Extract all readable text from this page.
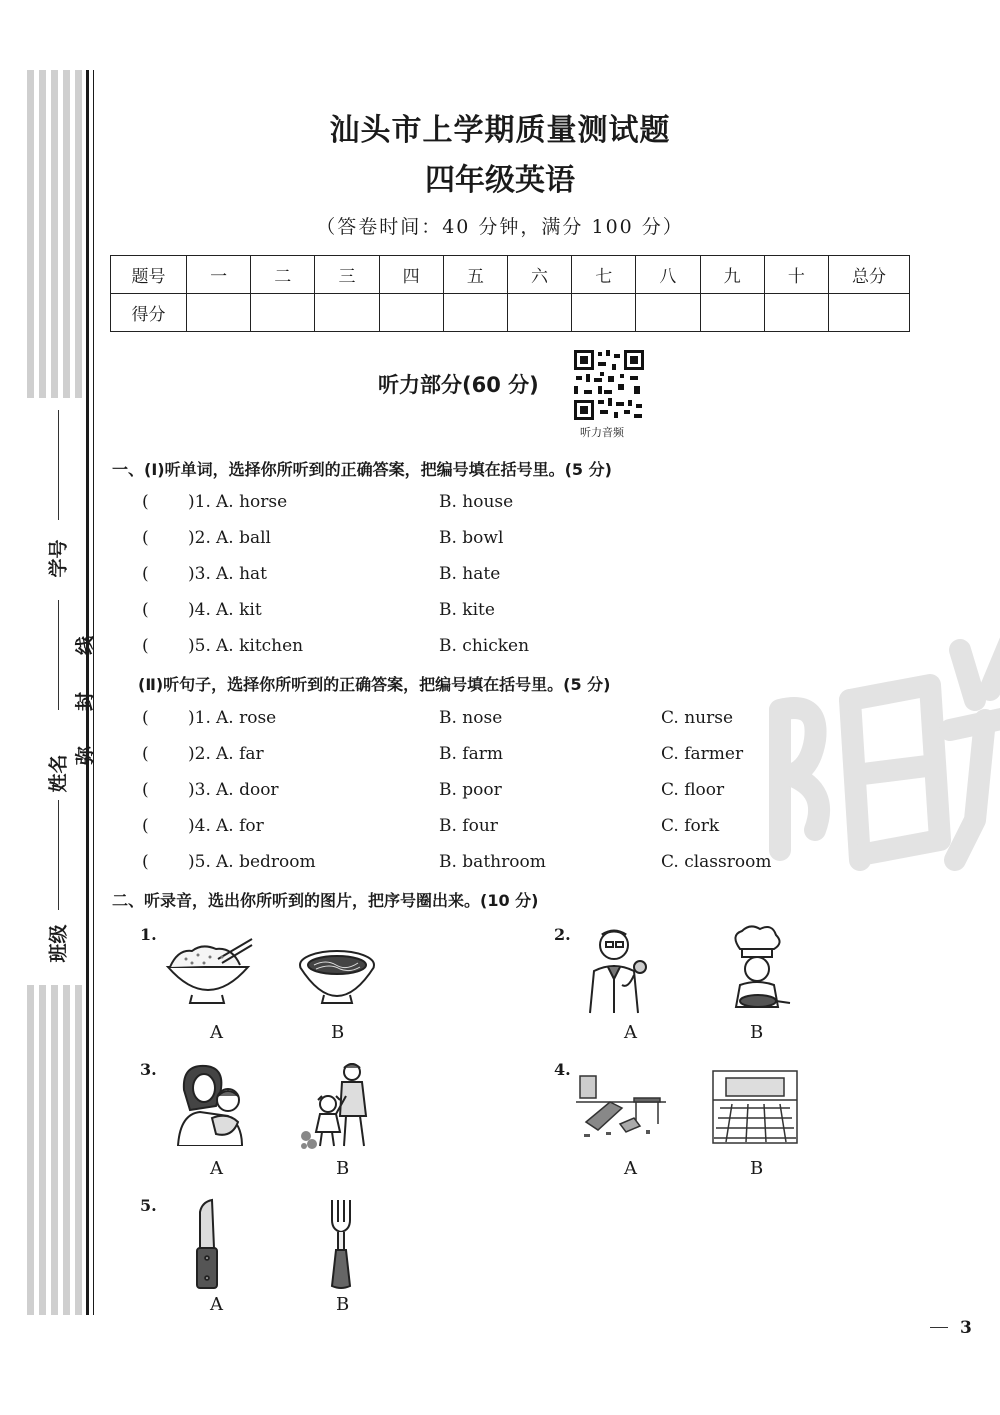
学号
姓名
班级
线
封
弥
汕头市上学期质量测试题
四年级英语
（答卷时间：40 分钟，满分 100 分）
题号	一	二	三	四	五	六	七	八	九	十	总分
得分											
听力部分(60 分)
听力音频
一、(Ⅰ)听单词，选择你所听到的正确答案，把编号填在括号里。(5 分)
( )1. A. horse	B. house
( )2. A. ball	B. bowl
( )3. A. hat	B. hate
( )4. A. kit	B. kite
( )5. A. kitchen	B. chicken
(Ⅱ)听句子，选择你所听到的正确答案，把编号填在括号里。(5 分)
( )1. A. rose	B. nose	C. nurse
( )2. A. far	B. farm	C. farmer
( )3. A. door	B. poor	C. floor
( )4. A. for	B. four	C. fork
( )5. A. bedroom	B. bathroom	C. classroom
二、听录音，选出你所听到的图片，把序号圈出来。(10 分)
1.
A	B
2.
A	B
3.
A	B
4.
A	B
5.
A	B
3
